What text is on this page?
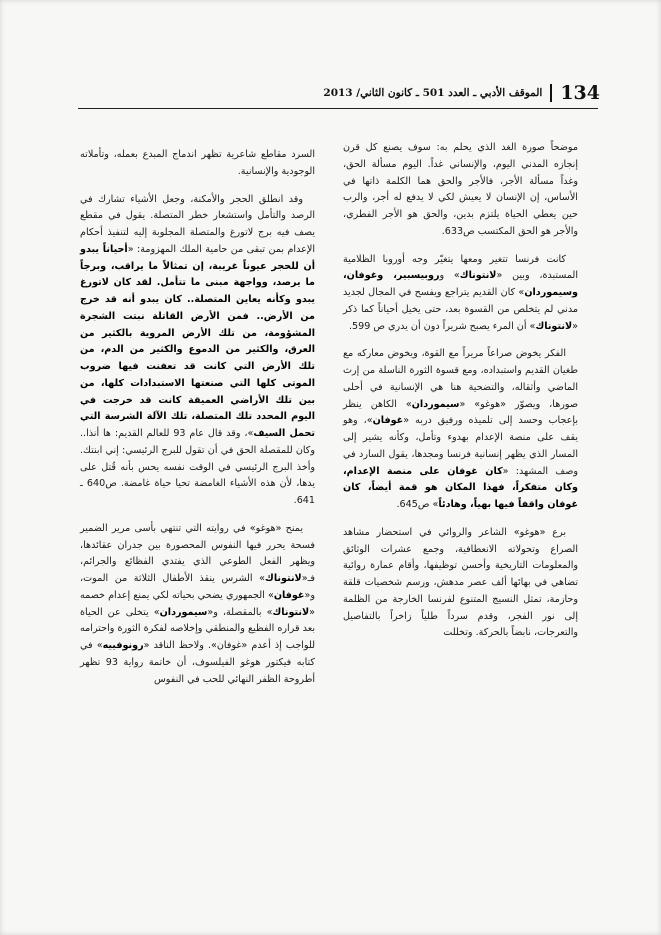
134
الموقف الأدبي ـ العدد 501 ـ كانون الثاني/ 2013

موضحاً صورة الغد الذي يحلم به: سوف يصنع كل قرن إنجازه المدني اليوم، والإنساني غداً. اليوم مسألة الحق، وغداً مسألة الأجر، فالأجر والحق هما الكلمة ذاتها في الأساس، إن الإنسان لا يعيش لكي لا يدفع له أجر، والرب حين يعطي الحياة يلتزم بدين، والحق هو الأجر الفطري، والأجر هو الحق المكتسب ص633.

كانت فرنسا تتغير ومعها يتغيّر وجه أوروبا الظلامية المستبدة، وبين «لانتوناك» وروبيسبير، وغوفان، وسيموردان» كان القديم يتراجع ويفسح في المجال لجديد مدني لم يتخلص من القسوة بعد، حتى يخيل أحياناً كما ذكر «لانتوناك» أن المرء يصبح شريراً دون أن يدري ص 599.

الفكر يخوض صراعاً مريراً مع القوة، ويخوض معاركه مع طغيان القديم واستبداده، ومع قسوة الثورة الناسلة من إرث الماضي وأثقاله، والتضحية هنا هي الإنسانية في أحلى صورها، ويصوّر «هوغو» «سيموردان» الكاهن ينظر بإعجاب وحسد إلى تلميذه ورفيق دربه «غوفان»، وهو يقف على منصة الإعدام بهدوء وتأمل، وكأنه يشير إلى المسار الذي يظهر إنسانية فرنسا ومجدها، يقول السارد في وصف المشهد: «كان غوفان على منصة الإعدام، وكان متفكراً، فهذا المكان هو قمة أيضاً، كان غوفان واقفاً فيها بهياً، وهادئاً» ص645.

برع «هوغو» الشاعر والروائي في استحضار مشاهد الصراع وتحولاته الانعطافية، وجمع عشرات الوثائق والمعلومات التاريخية وأحسن توظيفها، وأقام عمارة روائية تضاهي في بهائها ألف عصر مدهش، ورسم شخصيات قلقة وحازمة، تمثل النسيج المتنوع لفرنسا الخارجة من الظلمة إلى نور الفجر، وقدم سرداً طلياً زاخراً بالتفاصيل والتعرجات، نابضاً بالحركة. وتخللت

السرد مقاطع شاعرية تظهر اندماج المبدع بعمله، وتأملاته الوجودية والإنسانية.

وقد انطلق الحجر والأمكنة، وجعل الأشياء تشارك في الرصد والتأمل واستشعار خطر المتصلة. يقول في مقطع يصف فيه برج لاتورغ والمتصلة المجلوبة إليه لتنفيذ أحكام الإعدام بمن تبقى من حامية الملك المهزومة: «أحياناً يبدو أن للحجر عيوناً غريبة، إن تمثالاً ما يراقب، وبرجاً ما يرصد، وواجهة مبنى ما تتأمل. لقد كان لاتورغ يبدو وكأنه يعاين المتصلة.. كان يبدو أنه قد خرج من الأرض.. فمن الأرض القاتلة نبتت الشجرة المشؤومة، من تلك الأرض المروية بالكثير من العرق، والكثير من الدموع والكثير من الدم، من تلك الأرض التي كانت قد تعفنت فيها ضروب الموتى كلها التي صنعتها الاستبدادات كلها، من بين تلك الأراضي العميقة كانت قد خرجت في اليوم المحدد تلك المتصلة، تلك الآلة الشرسة التي تحمل السيف»، وقد قال عام 93 للعالم القديم: ها أنذا.. وكان للمقصلة الحق في أن تقول للبرج الرئيسي: إني ابنتك. وأخذ البرج الرئيسي في الوقت نفسه يحس بأنه قُتل على يدها، لأن هذه الأشياء الغامضة تحيا حياة غامضة. ص640 ـ 641.

يمنح «هوغو» في روايته التي تنتهي بأسى مرير الضمير فسحة يحرر فيها النفوس المحصورة بين جدران عقائدها، ويظهر الفعل الطوعي الذي يفتدي الفظائع والجرائم، فـ«لانتوناك» الشرس ينقذ الأطفال الثلاثة من الموت، و«غوفان» الجمهوري يضحي بحياته لكي يمنع إعدام خصمه «لانتوناك» بالمقصلة، و«سيموردان» يتخلى عن الحياة بعد قراره الفظيع والمنطقي وإخلاصه لفكرة الثورة واحترامه للواجب إذ أعدم «غوفان». ولاحظ الناقد «رونوفييه» في كتابه فيكتور هوغو الفيلسوف، أن خاتمة رواية 93 تظهر أطروحة الظفر النهائي للحب في النفوس
